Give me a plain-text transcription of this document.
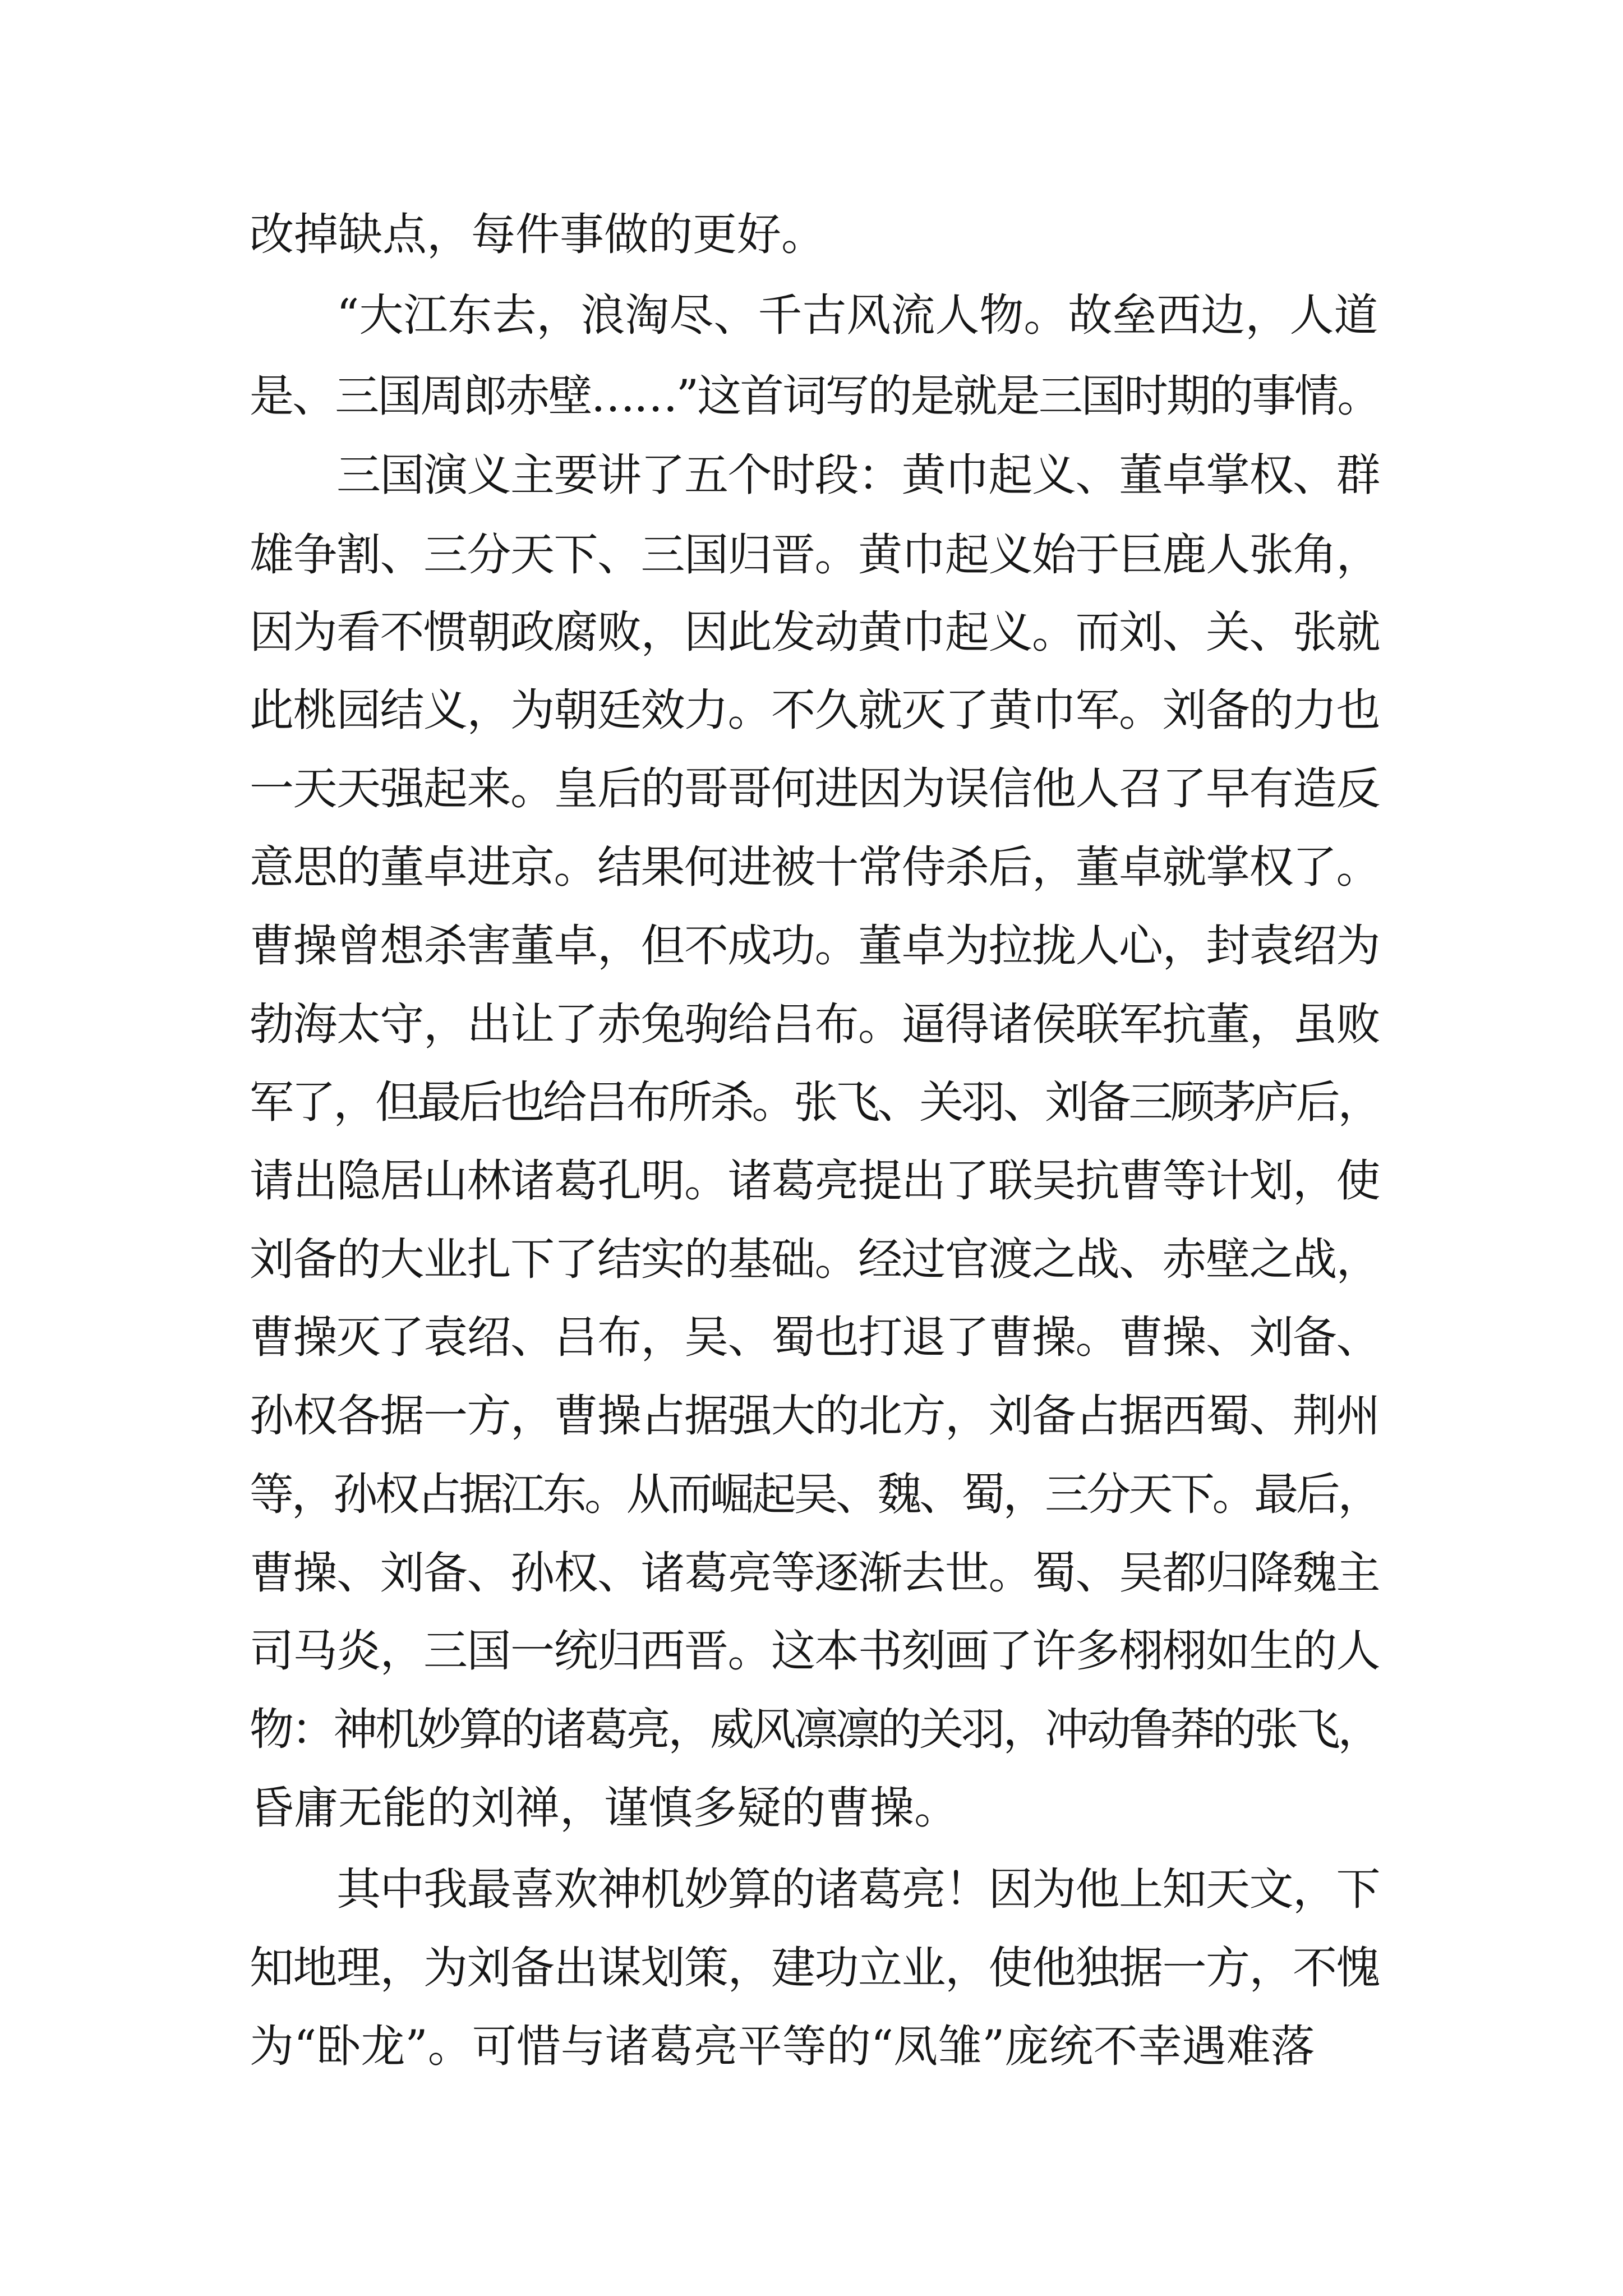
改掉缺点，每件事做的更好。
“大江东去，浪淘尽、千古风流人物。故垒西边，人道
是、三国周郎赤壁……”这首词写的是就是三国时期的事情。
三国演义主要讲了五个时段：黄巾起义、董卓掌权、群
雄争割、三分天下、三国归晋。黄巾起义始于巨鹿人张角，
因为看不惯朝政腐败，因此发动黄巾起义。而刘、关、张就
此桃园结义，为朝廷效力。不久就灭了黄巾军。刘备的力也
一天天强起来。皇后的哥哥何进因为误信他人召了早有造反
意思的董卓进京。结果何进被十常侍杀后，董卓就掌权了。
曹操曾想杀害董卓，但不成功。董卓为拉拢人心，封袁绍为
勃海太守，出让了赤兔驹给吕布。逼得诸侯联军抗董，虽败
军了，但最后也给吕布所杀。张飞、关羽、刘备三顾茅庐后，
请出隐居山林诸葛孔明。诸葛亮提出了联吴抗曹等计划，使
刘备的大业扎下了结实的基础。经过官渡之战、赤壁之战，
曹操灭了袁绍、吕布，吴、蜀也打退了曹操。曹操、刘备、
孙权各据一方，曹操占据强大的北方，刘备占据西蜀、荆州
等，孙权占据江东。从而崛起吴、魏、蜀，三分天下。最后，
曹操、刘备、孙权、诸葛亮等逐渐去世。蜀、吴都归降魏主
司马炎，三国一统归西晋。这本书刻画了许多栩栩如生的人
物：神机妙算的诸葛亮，威风凛凛的关羽，冲动鲁莽的张飞，
昏庸无能的刘禅，谨慎多疑的曹操。
其中我最喜欢神机妙算的诸葛亮！因为他上知天文，下
知地理，为刘备出谋划策，建功立业，使他独据一方，不愧
为“卧龙”。可惜与诸葛亮平等的“凤雏”庞统不幸遇难落
